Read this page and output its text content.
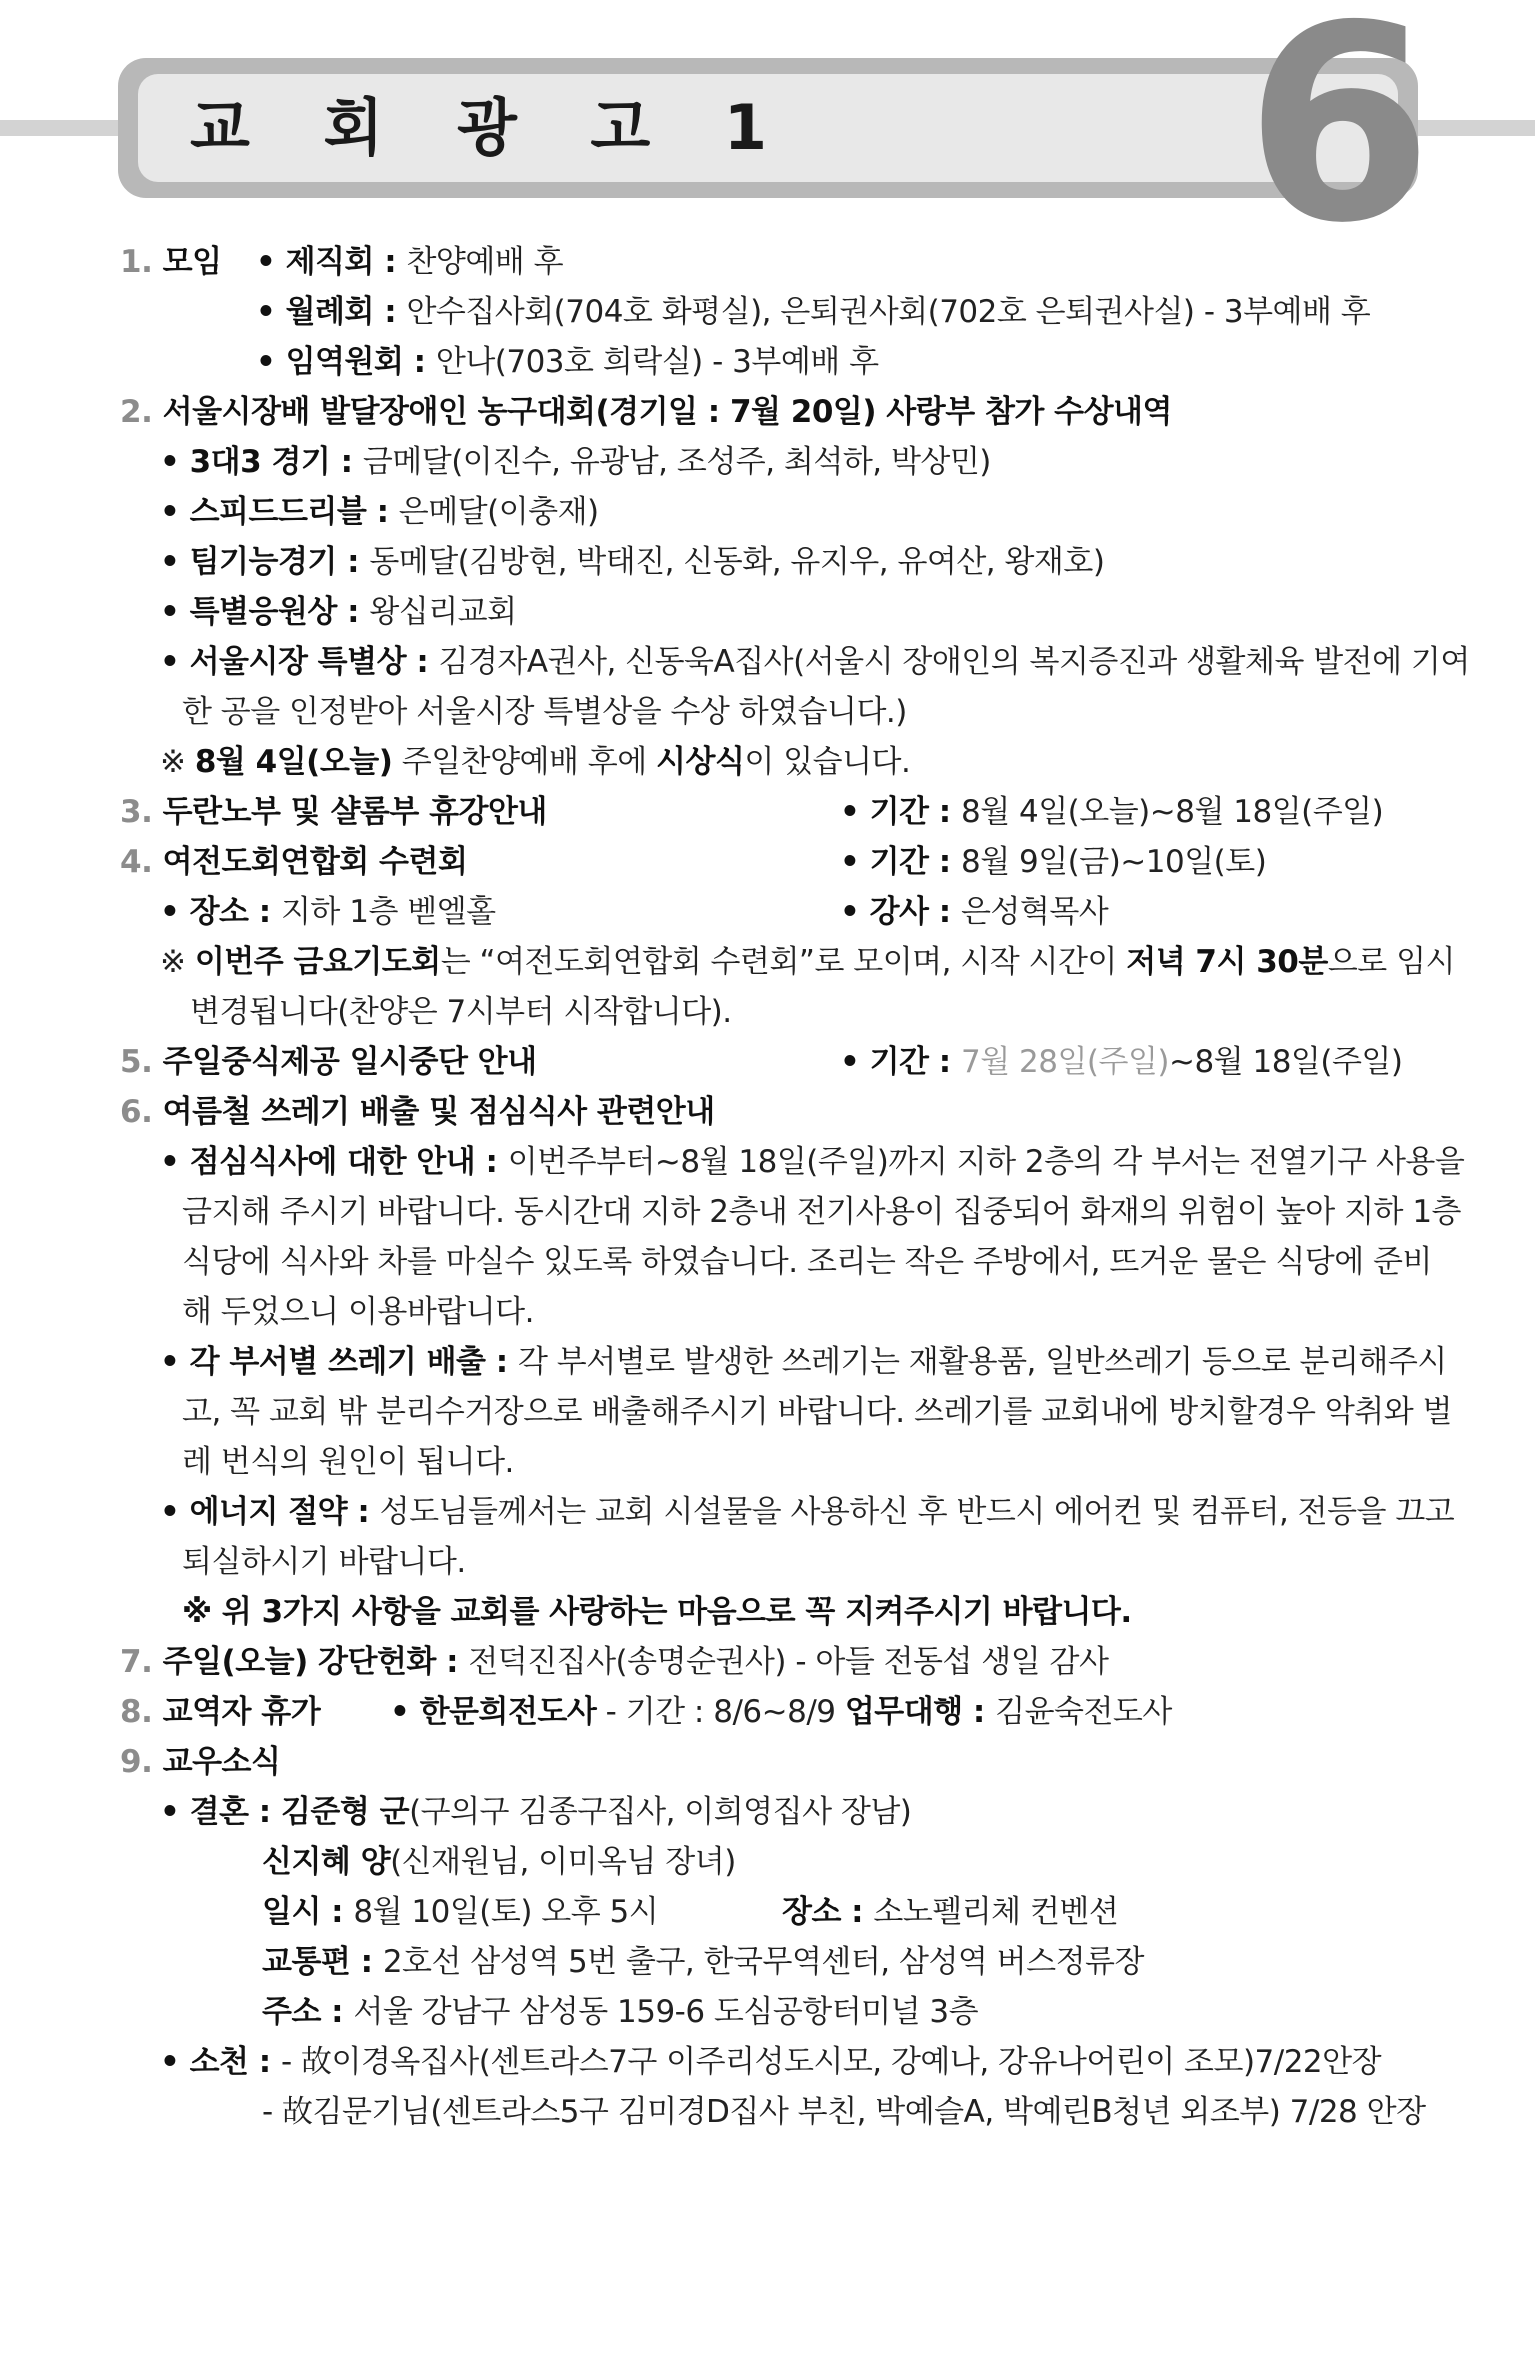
교 회 광 고 1 6
1. 모임 • 제직회 : 찬양예배 후
• 월례회 : 안수집사회(704호 화평실), 은퇴권사회(702호 은퇴권사실) - 3부예배 후
• 임역원회 : 안나(703호 희락실) - 3부예배 후
2. 서울시장배 발달장애인 농구대회(경기일 : 7월 20일) 사랑부 참가 수상내역
• 3대3 경기 : 금메달(이진수, 유광남, 조성주, 최석하, 박상민)
• 스피드드리블 : 은메달(이충재)
• 팀기능경기 : 동메달(김방현, 박태진, 신동화, 유지우, 유여산, 왕재호)
• 특별응원상 : 왕십리교회
• 서울시장 특별상 : 김경자A권사, 신동욱A집사(서울시 장애인의 복지증진과 생활체육 발전에 기여
한 공을 인정받아 서울시장 특별상을 수상 하였습니다.)
※ 8월 4일(오늘) 주일찬양예배 후에 시상식이 있습니다.
3. 두란노부 및 샬롬부 휴강안내	• 기간 : 8월 4일(오늘)~8월 18일(주일)
4. 여전도회연합회 수련회	• 기간 : 8월 9일(금)~10일(토)
• 장소 : 지하 1층 벧엘홀	• 강사 : 은성혁목사
※ 이번주 금요기도회는 “여전도회연합회 수련회”로 모이며, 시작 시간이 저녁 7시 30분으로 임시
변경됩니다(찬양은 7시부터 시작합니다).
5. 주일중식제공 일시중단 안내	• 기간 : 7월 28일(주일)~8월 18일(주일)
6. 여름철 쓰레기 배출 및 점심식사 관련안내
• 점심식사에 대한 안내 : 이번주부터~8월 18일(주일)까지 지하 2층의 각 부서는 전열기구 사용을
금지해 주시기 바랍니다. 동시간대 지하 2층내 전기사용이 집중되어 화재의 위험이 높아 지하 1층
식당에 식사와 차를 마실수 있도록 하였습니다. 조리는 작은 주방에서, 뜨거운 물은 식당에 준비
해 두었으니 이용바랍니다.
• 각 부서별 쓰레기 배출 : 각 부서별로 발생한 쓰레기는 재활용품, 일반쓰레기 등으로 분리해주시
고, 꼭 교회 밖 분리수거장으로 배출해주시기 바랍니다. 쓰레기를 교회내에 방치할경우 악취와 벌
레 번식의 원인이 됩니다.
• 에너지 절약 : 성도님들께서는 교회 시설물을 사용하신 후 반드시 에어컨 및 컴퓨터, 전등을 끄고
퇴실하시기 바랍니다.
※ 위 3가지 사항을 교회를 사랑하는 마음으로 꼭 지켜주시기 바랍니다.
7. 주일(오늘) 강단헌화 : 전덕진집사(송명순권사) - 아들 전동섭 생일 감사
8. 교역자 휴가 • 한문희전도사 - 기간 : 8/6~8/9 업무대행 : 김윤숙전도사
9. 교우소식
• 결혼 : 김준형 군(구의구 김종구집사, 이희영집사 장남)
신지혜 양(신재원님, 이미옥님 장녀)
일시 : 8월 10일(토) 오후 5시	장소 : 소노펠리체 컨벤션
교통편 : 2호선 삼성역 5번 출구, 한국무역센터, 삼성역 버스정류장
주소 : 서울 강남구 삼성동 159-6 도심공항터미널 3층
• 소천 : - 故이경옥집사(센트라스7구 이주리성도시모, 강예나, 강유나어린이 조모)7/22안장
- 故김문기님(센트라스5구 김미경D집사 부친, 박예슬A, 박예린B청년 외조부) 7/28 안장
